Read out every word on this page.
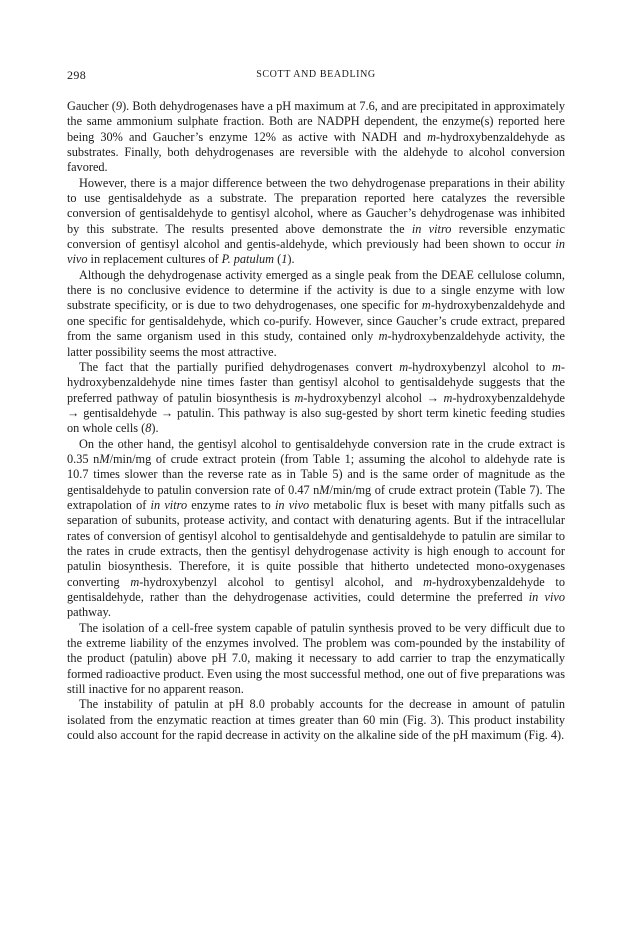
298	SCOTT AND BEADLING

Gaucher (9). Both dehydrogenases have a pH maximum at 7.6, and are precipitated in approximately the same ammonium sulphate fraction. Both are NADPH dependent, the enzyme(s) reported here being 30% and Gaucher’s enzyme 12% as active with NADH and m-hydroxybenzaldehyde as substrates. Finally, both dehydrogenases are reversible with the aldehyde to alcohol conversion favored.

However, there is a major difference between the two dehydrogenase preparations in their ability to use gentisaldehyde as a substrate. The preparation reported here catalyzes the reversible conversion of gentisaldehyde to gentisyl alcohol, where as Gaucher’s dehydrogenase was inhibited by this substrate. The results presented above demonstrate the in vitro reversible enzymatic conversion of gentisyl alcohol and gentis-aldehyde, which previously had been shown to occur in vivo in replacement cultures of P. patulum (1).

Although the dehydrogenase activity emerged as a single peak from the DEAE cellulose column, there is no conclusive evidence to determine if the activity is due to a single enzyme with low substrate specificity, or is due to two dehydrogenases, one specific for m-hydroxybenzaldehyde and one specific for gentisaldehyde, which co-purify. However, since Gaucher’s crude extract, prepared from the same organism used in this study, contained only m-hydroxybenzaldehyde activity, the latter possibility seems the most attractive.

The fact that the partially purified dehydrogenases convert m-hydroxybenzyl alcohol to m-hydroxybenzaldehyde nine times faster than gentisyl alcohol to gentisaldehyde suggests that the preferred pathway of patulin biosynthesis is m-hydroxybenzyl alcohol → m-hydroxybenzaldehyde → gentisaldehyde → patulin. This pathway is also sug-gested by short term kinetic feeding studies on whole cells (8).

On the other hand, the gentisyl alcohol to gentisaldehyde conversion rate in the crude extract is 0.35 nM/min/mg of crude extract protein (from Table 1; assuming the alcohol to aldehyde rate is 10.7 times slower than the reverse rate as in Table 5) and is the same order of magnitude as the gentisaldehyde to patulin conversion rate of 0.47 nM/min/mg of crude extract protein (Table 7). The extrapolation of in vitro enzyme rates to in vivo metabolic flux is beset with many pitfalls such as separation of subunits, protease activity, and contact with denaturing agents. But if the intracellular rates of conversion of gentisyl alcohol to gentisaldehyde and gentisaldehyde to patulin are similar to the rates in crude extracts, then the gentisyl dehydrogenase activity is high enough to account for patulin biosynthesis. Therefore, it is quite possible that hitherto undetected mono-oxygenases converting m-hydroxybenzyl alcohol to gentisyl alcohol, and m-hydroxybenzaldehyde to gentisaldehyde, rather than the dehydrogenase activities, could determine the preferred in vivo pathway.

The isolation of a cell-free system capable of patulin synthesis proved to be very difficult due to the extreme liability of the enzymes involved. The problem was com-pounded by the instability of the product (patulin) above pH 7.0, making it necessary to add carrier to trap the enzymatically formed radioactive product. Even using the most successful method, one out of five preparations was still inactive for no apparent reason.

The instability of patulin at pH 8.0 probably accounts for the decrease in amount of patulin isolated from the enzymatic reaction at times greater than 60 min (Fig. 3). This product instability could also account for the rapid decrease in activity on the alkaline side of the pH maximum (Fig. 4).
